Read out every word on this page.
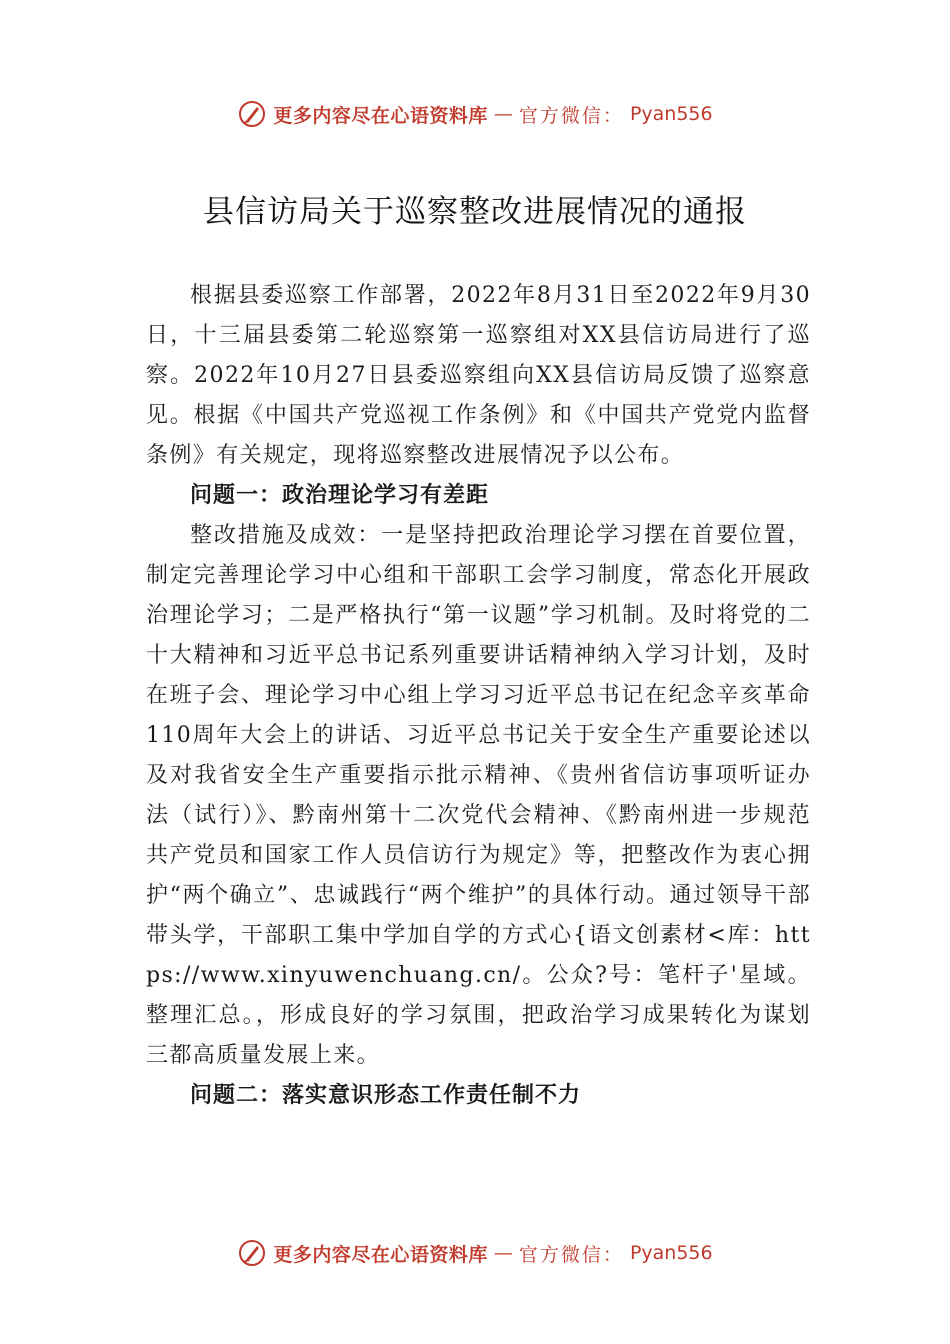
更多内容尽在心语资料库 — 官方微信： Pyan556
县信访局关于巡察整改进展情况的通报

根据县委巡察工作部署，2022年8月31日至2022年9月30日，十三届县委第二轮巡察第一巡察组对XX县信访局进行了巡察。2022年10月27日县委巡察组向XX县信访局反馈了巡察意见。根据《中国共产党巡视工作条例》和《中国共产党党内监督条例》有关规定，现将巡察整改进展情况予以公布。

问题一：政治理论学习有差距

整改措施及成效：一是坚持把政治理论学习摆在首要位置，制定完善理论学习中心组和干部职工会学习制度，常态化开展政治理论学习；二是严格执行“第一议题”学习机制。及时将党的二十大精神和习近平总书记系列重要讲话精神纳入学习计划，及时在班子会、理论学习中心组上学习习近平总书记在纪念辛亥革命110周年大会上的讲话、习近平总书记关于安全生产重要论述以及对我省安全生产重要指示批示精神、《贵州省信访事项听证办法（试行）》、黔南州第十二次党代会精神、《黔南州进一步规范共产党员和国家工作人员信访行为规定》等，把整改作为衷心拥护“两个确立”、忠诚践行“两个维护”的具体行动。通过领导干部带头学，干部职工集中学加自学的方式心{语文创素材<库：https://www.xinyuwenchuang.cn/。公众?号：笔杆子'星域。整理汇总。，形成良好的学习氛围，把政治学习成果转化为谋划三都高质量发展上来。

问题二：落实意识形态工作责任制不力

更多内容尽在心语资料库 — 官方微信： Pyan556
